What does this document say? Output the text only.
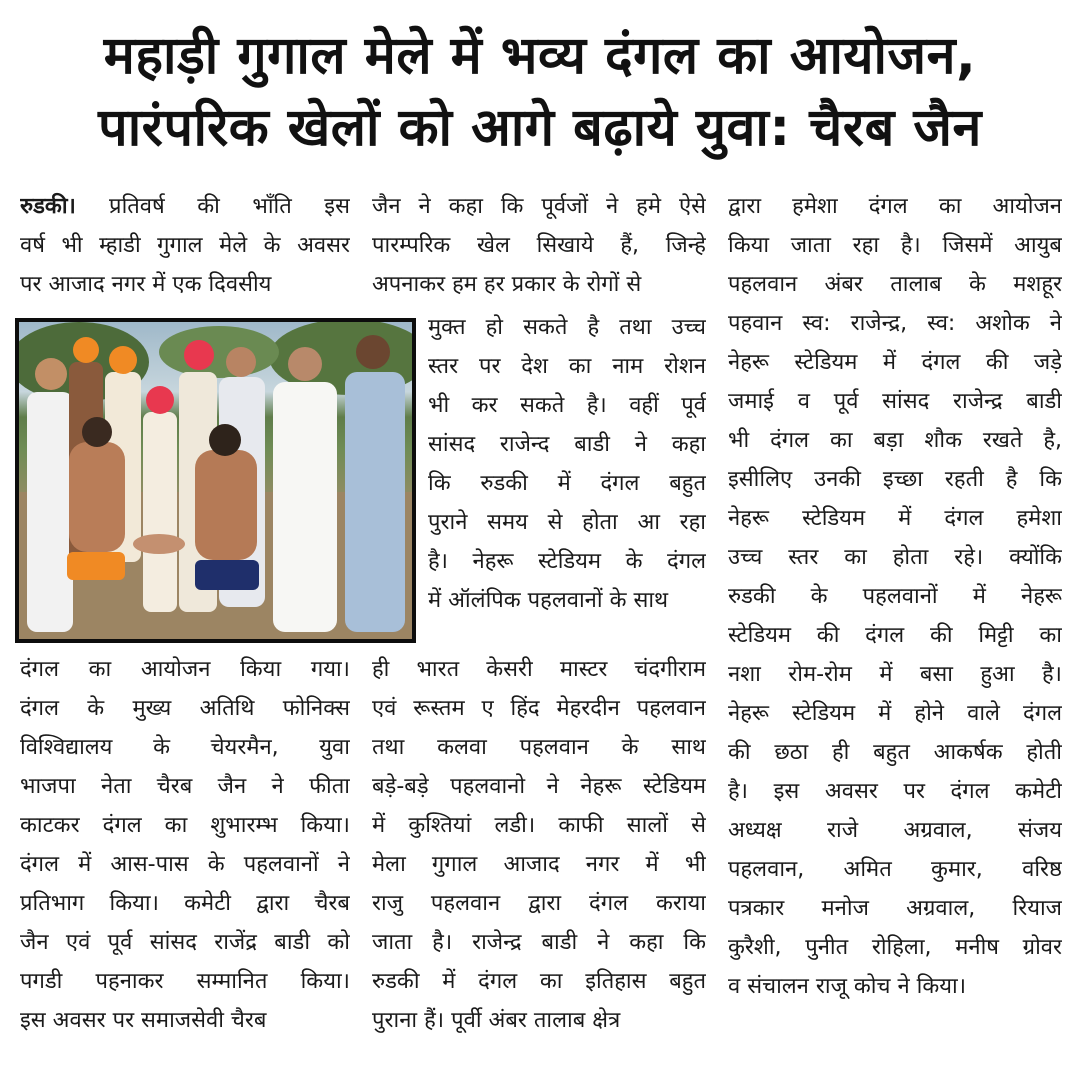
महाड़ी गुगाल मेले में भव्य दंगल का आयोजन,
पारंपरिक खेलों को आगे बढ़ाये युवा: चैरब जैन
रुडकी। प्रतिवर्ष की भाँति इस
वर्ष भी म्हाडी गुगाल मेले के अवसर
पर आजाद नगर में एक दिवसीय
दंगल का आयोजन किया गया।
दंगल के मुख्य अतिथि फोनिक्स
विश्विद्यालय के चेयरमैन, युवा
भाजपा नेता चैरब जैन ने फीता
काटकर दंगल का शुभारम्भ किया।
दंगल में आस-पास के पहलवानों ने
प्रतिभाग किया। कमेटी द्वारा चैरब
जैन एवं पूर्व सांसद राजेंद्र बाडी को
पगडी पहनाकर सम्मानित किया।
इस अवसर पर समाजसेवी चैरब
जैन ने कहा कि पूर्वजों ने हमे ऐसे
पारम्परिक खेल सिखाये हैं, जिन्हे
अपनाकर हम हर प्रकार के रोगों से
मुक्त हो सकते है तथा उच्च
स्तर पर देश का नाम रोशन
भी कर सकते है। वहीं पूर्व
सांसद राजेन्द बाडी ने कहा
कि रुडकी में दंगल बहुत
पुराने समय से होता आ रहा
है। नेहरू स्टेडियम के दंगल
में ऑलंपिक पहलवानों के साथ
ही भारत केसरी मास्टर चंदगीराम
एवं रूस्तम ए हिंद मेहरदीन पहलवान
तथा कलवा पहलवान के साथ
बड़े-बड़े पहलवानो ने नेहरू स्टेडियम
में कुश्तियां लडी। काफी सालों से
मेला गुगाल आजाद नगर में भी
राजु पहलवान द्वारा दंगल कराया
जाता है। राजेन्द्र बाडी ने कहा कि
रुडकी में दंगल का इतिहास बहुत
पुराना हैं। पूर्वी अंबर तालाब क्षेत्र
द्वारा हमेशा दंगल का आयोजन
किया जाता रहा है। जिसमें आयुब
पहलवान अंबर तालाब के मशहूर
पहवान स्व: राजेन्द्र, स्व: अशोक ने
नेहरू स्टेडियम में दंगल की जड़े
जमाई व पूर्व सांसद राजेन्द्र बाडी
भी दंगल का बड़ा शौक रखते है,
इसीलिए उनकी इच्छा रहती है कि
नेहरू स्टेडियम में दंगल हमेशा
उच्च स्तर का होता रहे। क्योंकि
रुडकी के पहलवानों में नेहरू
स्टेडियम की दंगल की मिट्टी का
नशा रोम-रोम में बसा हुआ है।
नेहरू स्टेडियम में होने वाले दंगल
की छठा ही बहुत आकर्षक होती
है। इस अवसर पर दंगल कमेटी
अध्यक्ष राजे अग्रवाल, संजय
पहलवान, अमित कुमार, वरिष्ठ
पत्रकार मनोज अग्रवाल, रियाज
कुरैशी, पुनीत रोहिला, मनीष ग्रोवर
व संचालन राजू कोच ने किया।
